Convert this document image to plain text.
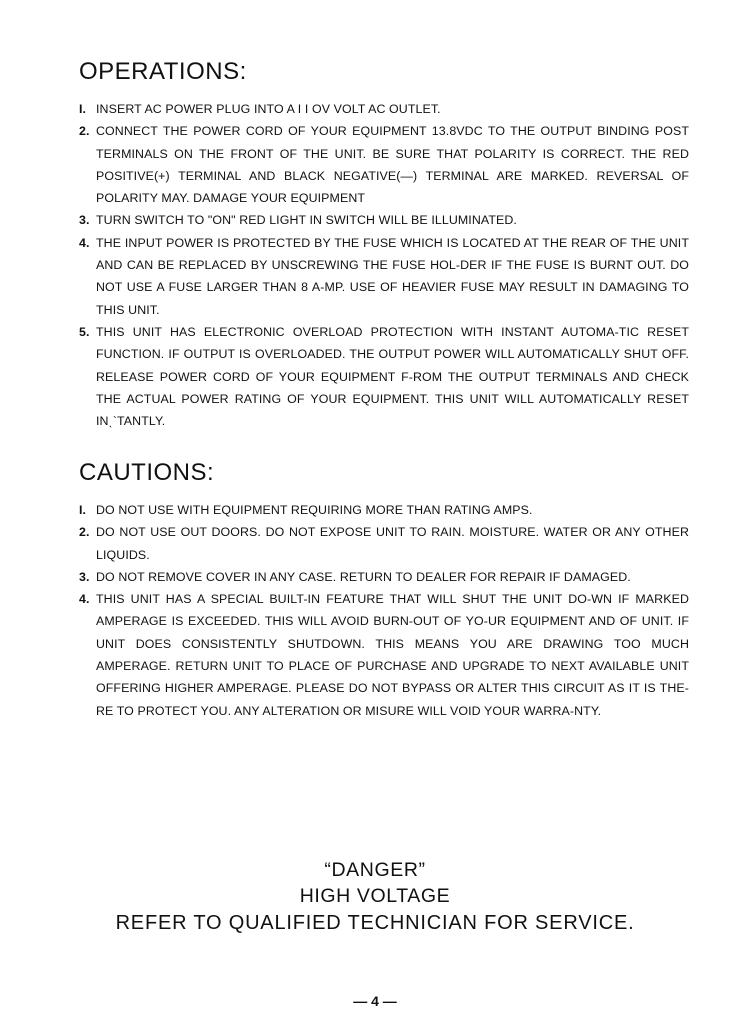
OPERATIONS:
I. INSERT AC POWER PLUG INTO A I I OV VOLT AC OUTLET.
2. CONNECT THE POWER CORD OF YOUR EQUIPMENT 13.8VDC TO THE OUTPUT BINDING POST TERMINALS ON THE FRONT OF THE UNIT. BE SURE THAT POLARITY IS CORRECT. THE RED POSITIVE(+) TERMINAL AND BLACK NEGATIVE(—) TERMINAL ARE MARKED. REVERSAL OF POLARITY MAY. DAMAGE YOUR EQUIPMENT
3. TURN SWITCH TO "ON" RED LIGHT IN SWITCH WILL BE ILLUMINATED.
4. THE INPUT POWER IS PROTECTED BY THE FUSE WHICH IS LOCATED AT THE REAR OF THE UNIT AND CAN BE REPLACED BY UNSCREWING THE FUSE HOL-DER IF THE FUSE IS BURNT OUT. DO NOT USE A FUSE LARGER THAN 8 A-MP. USE OF HEAVIER FUSE MAY RESULT IN DAMAGING TO THIS UNIT.
5. THIS UNIT HAS ELECTRONIC OVERLOAD PROTECTION WITH INSTANT AUTOMA-TIC RESET FUNCTION. IF OUTPUT IS OVERLOADED. THE OUTPUT POWER WILL AUTOMATICALLY SHUT OFF. RELEASE POWER CORD OF YOUR EQUIPMENT F-ROM THE OUTPUT TERMINALS AND CHECK THE ACTUAL POWER RATING OF YOUR EQUIPMENT. THIS UNIT WILL AUTOMATICALLY RESET INˎ`TANTLY.
CAUTIONS:
I. DO NOT USE WITH EQUIPMENT REQUIRING MORE THAN RATING AMPS.
2. DO NOT USE OUT DOORS. DO NOT EXPOSE UNIT TO RAIN. MOISTURE. WATER OR ANY OTHER LIQUIDS.
3. DO NOT REMOVE COVER IN ANY CASE. RETURN TO DEALER FOR REPAIR IF DAMAGED.
4. THIS UNIT HAS A SPECIAL BUILT-IN FEATURE THAT WILL SHUT THE UNIT DO-WN IF MARKED AMPERAGE IS EXCEEDED. THIS WILL AVOID BURN-OUT OF YO-UR EQUIPMENT AND OF UNIT. IF UNIT DOES CONSISTENTLY SHUTDOWN. THIS MEANS YOU ARE DRAWING TOO MUCH AMPERAGE. RETURN UNIT TO PLACE OF PURCHASE AND UPGRADE TO NEXT AVAILABLE UNIT OFFERING HIGHER AMPERAGE. PLEASE DO NOT BYPASS OR ALTER THIS CIRCUIT AS IT IS THE-RE TO PROTECT YOU. ANY ALTERATION OR MISURE WILL VOID YOUR WARRA-NTY.

“DANGER”

HIGH VOLTAGE

REFER TO QUALIFIED TECHNICIAN FOR SERVICE.

— 4 —
